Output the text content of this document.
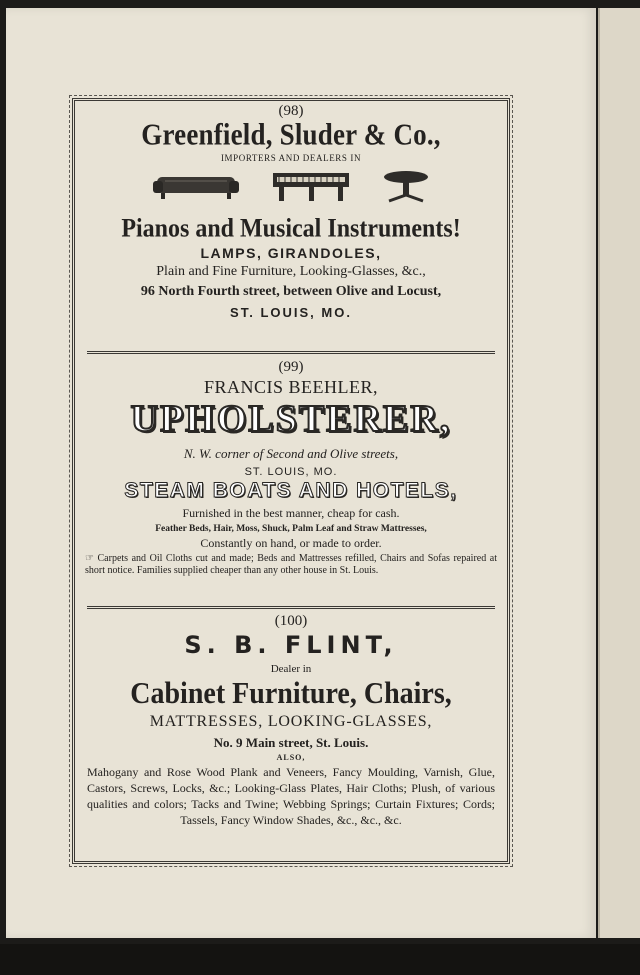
(98)
Greenfield, Sluder & Co.,
IMPORTERS AND DEALERS IN

Pianos and Musical Instruments!
LAMPS, GIRANDOLES,
Plain and Fine Furniture, Looking-Glasses, &c.,
96 North Fourth street, between Olive and Locust,
ST. LOUIS, MO.
(99)
FRANCIS BEEHLER,
UPHOLSTERER,
N. W. corner of Second and Olive streets,
ST. LOUIS, MO.
STEAM BOATS AND HOTELS,
Furnished in the best manner, cheap for cash.
Feather Beds, Hair, Moss, Shuck, Palm Leaf and Straw Mattresses,
Constantly on hand, or made to order.
☞ Carpets and Oil Cloths cut and made; Beds and Mattresses refilled, Chairs and Sofas repaired at short notice. Families supplied cheaper than any other house in St. Louis.
(100)
S. B. FLINT,
Dealer in
Cabinet Furniture, Chairs,
MATTRESSES, LOOKING-GLASSES,
No. 9 Main street, St. Louis.
ALSO,
Mahogany and Rose Wood Plank and Veneers, Fancy Moulding, Varnish, Glue, Castors, Screws, Locks, &c.; Looking-Glass Plates, Hair Cloths; Plush, of various qualities and colors; Tacks and Twine; Webbing Springs; Curtain Fixtures; Cords; Tassels, Fancy Window Shades, &c., &c., &c.
